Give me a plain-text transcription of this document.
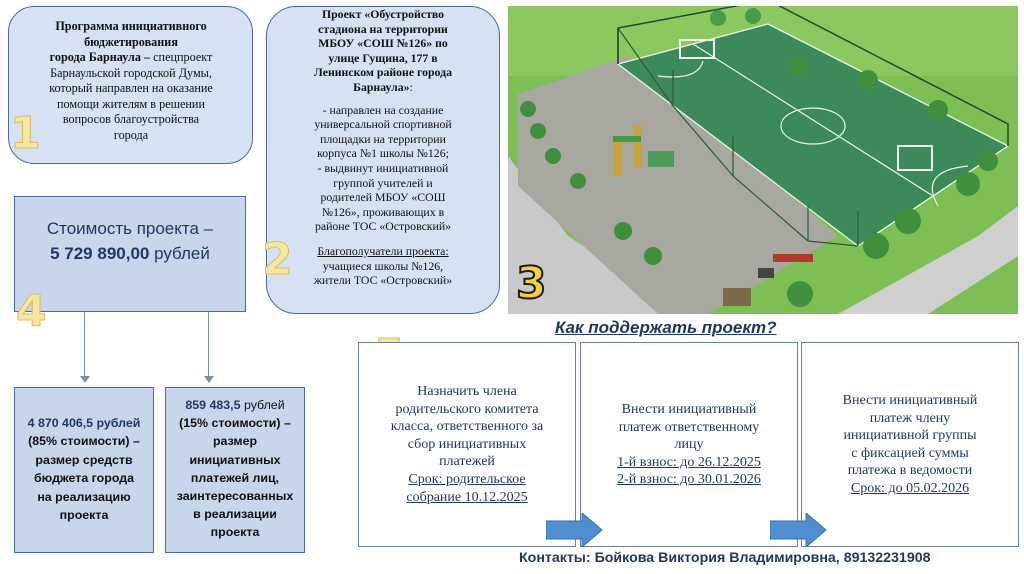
Программа инициативного
бюджетирования
города Барнаула – спецпроект
Барнаульской городской Думы,
который направлен на оказание
помощи жителям в решении
вопросов благоустройства
города
1
Проект «Обустройство
стадиона на территории
МБОУ «СОШ №126» по
улице Гущина, 177 в
Ленинском районе города
Барнаула»:
- направлен на создание
универсальной спортивной
площадки на территории
корпуса №1 школы №126;
- выдвинут инициативной
группой учителей и
родителей МБОУ «СОШ
№126», проживающих в
районе ТОС «Островский»
Благополучатели проекта:
учащиеся школы №126,
жители ТОС «Островский»
2	3
Стоимость проекта –
5 729 890,00 рублей
4
4 870 406,5 рублей
(85% стоимости) –
размер средств
бюджета города
на реализацию
проекта
859 483,5 рублей
(15% стоимости) –
размер
инициативных
платежей лиц,
заинтересованных
в реализации
проекта
Как поддержать проект?
Назначить члена
родительского комитета
класса, ответственного за
сбор инициативных
платежей
Срок: родительское
собрание 10.12.2025
Внести инициативный
платеж ответственному
лицу
1-й взнос: до 26.12.2025
2-й взнос: до 30.01.2026
Внести инициативный
платеж члену
инициативной группы
с фиксацией суммы
платежа в ведомости
Срок: до 05.02.2026
Контакты: Бойкова Виктория Владимировна, 89132231908
